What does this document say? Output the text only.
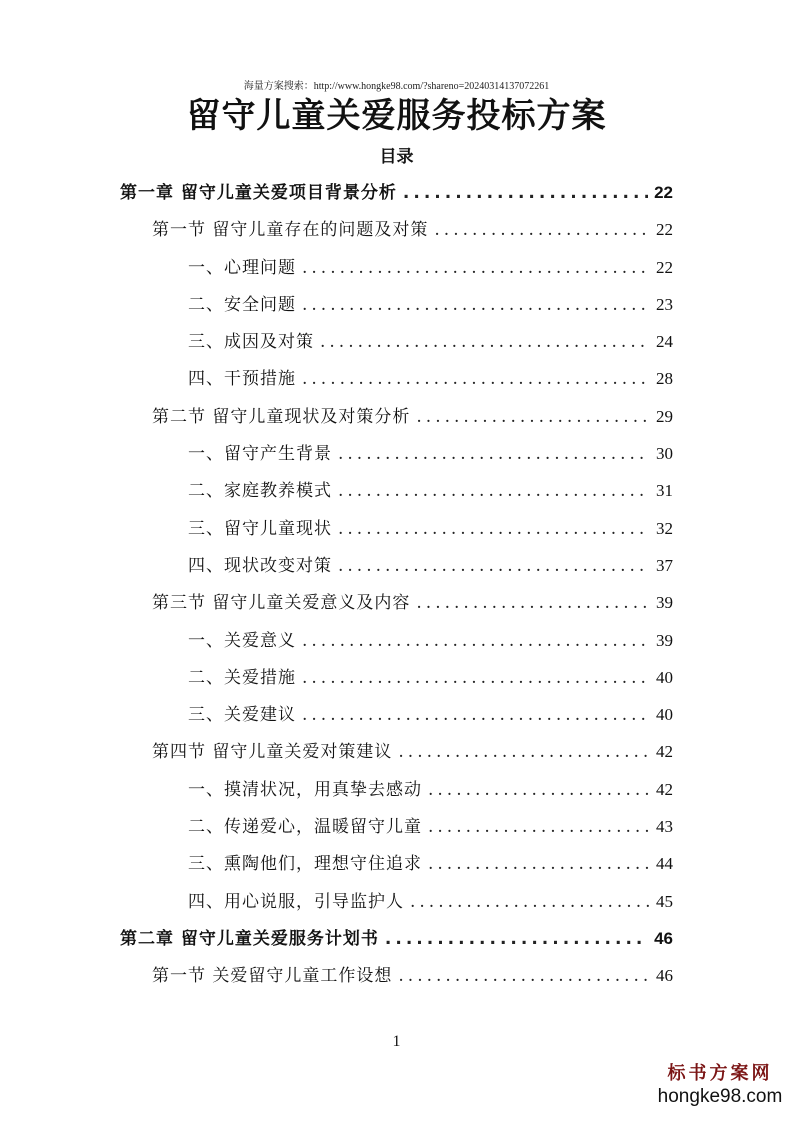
海量方案搜索：http://www.hongke98.com/?shareno=20240314137072261
留守儿童关爱服务投标方案
目录
第一章 留守儿童关爱项目背景分析 .....	22
第一节 留守儿童存在的问题及对策 .....	22
一、心理问题 .....	22
二、安全问题 .....	23
三、成因及对策 .....	24
四、干预措施 .....	28
第二节 留守儿童现状及对策分析 .....	29
一、留守产生背景 .....	30
二、家庭教养模式 .....	31
三、留守儿童现状 .....	32
四、现状改变对策 .....	37
第三节 留守儿童关爱意义及内容 .....	39
一、关爱意义 .....	39
二、关爱措施 .....	40
三、关爱建议 .....	40
第四节 留守儿童关爱对策建议 .....	42
一、摸清状况，用真挚去感动 .....	42
二、传递爱心，温暖留守儿童 .....	43
三、熏陶他们，理想守住追求 .....	44
四、用心说服，引导监护人 .....	45
第二章 留守儿童关爱服务计划书 .....	46
第一节 关爱留守儿童工作设想 .....	46
1
标书方案网
hongke98.com
